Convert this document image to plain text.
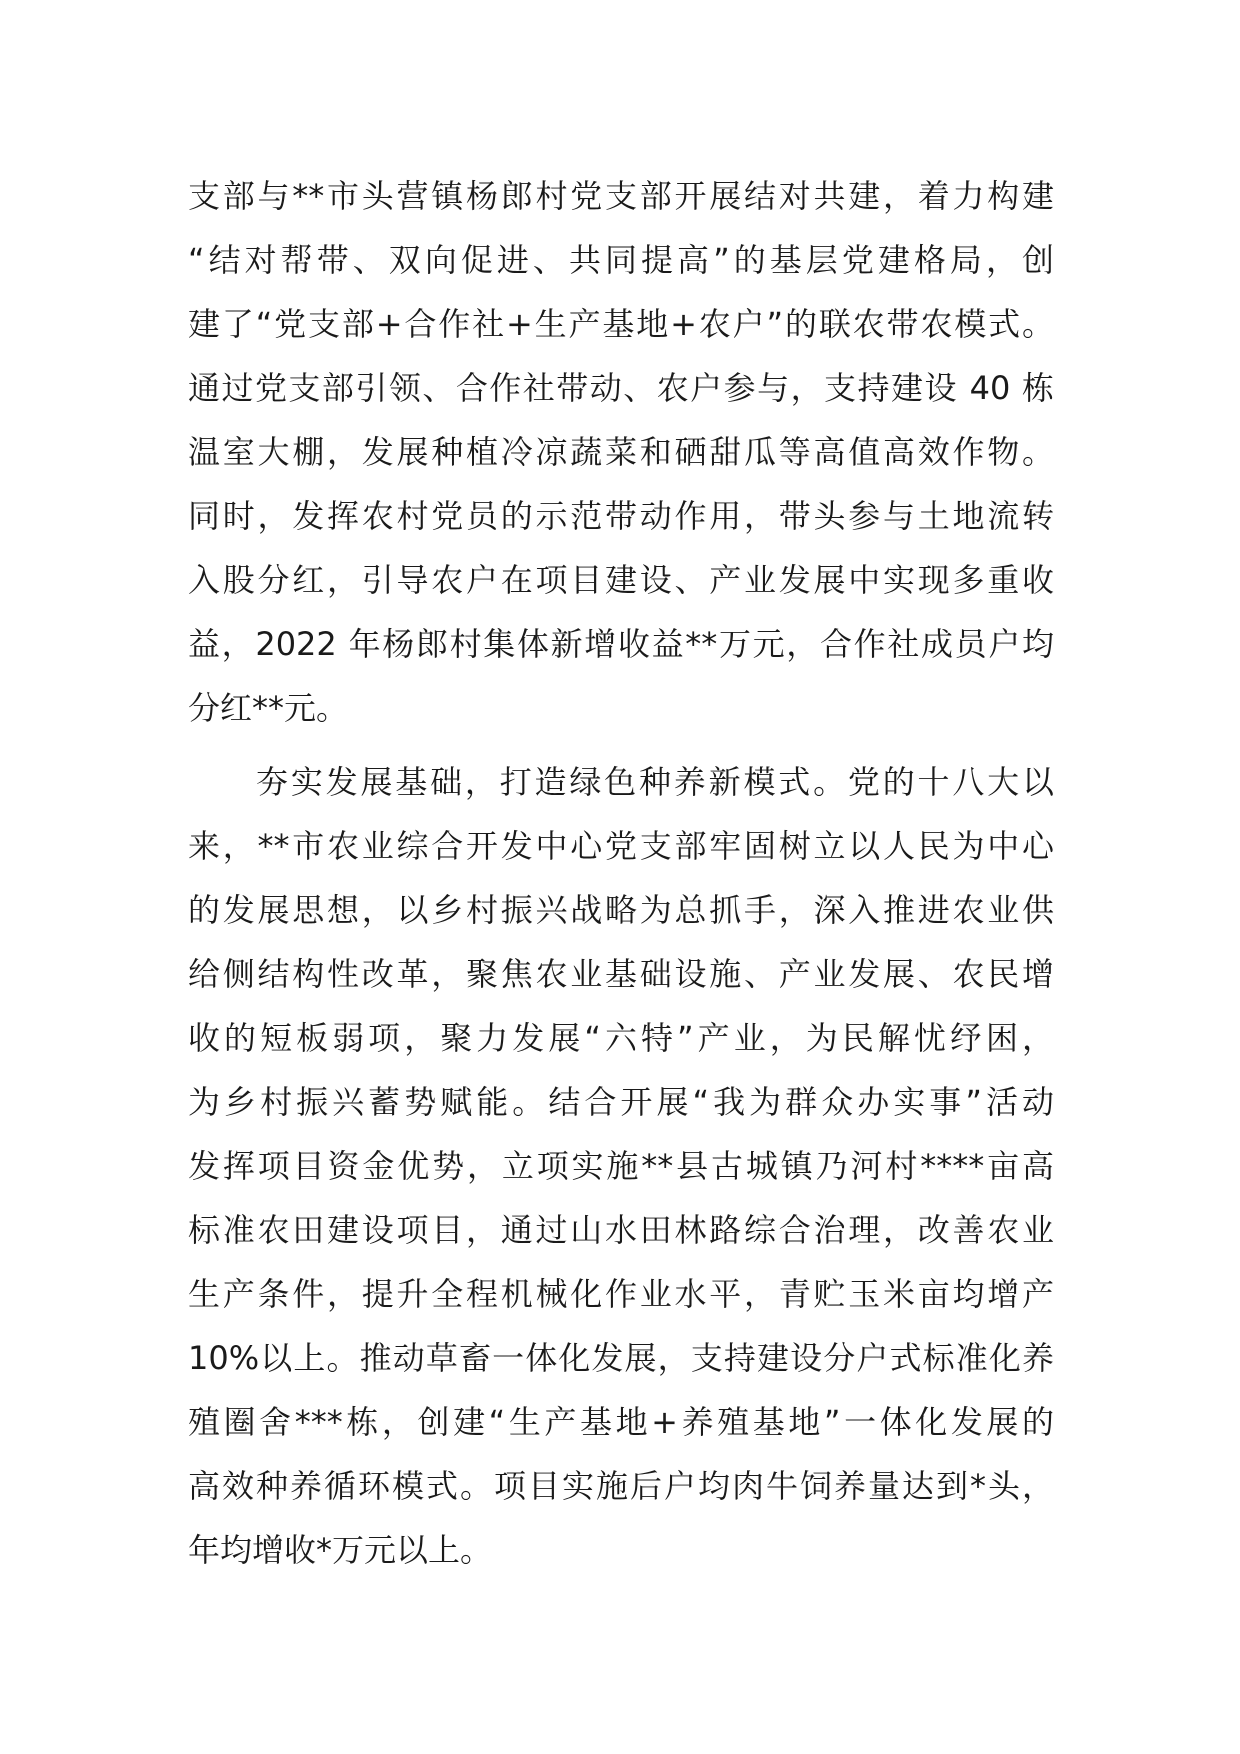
支部与**市头营镇杨郎村党支部开展结对共建，着力构建
“结对帮带、双向促进、共同提高”的基层党建格局，创
建了“党支部+合作社+生产基地+农户”的联农带农模式。
通过党支部引领、合作社带动、农户参与，支持建设 40 栋
温室大棚，发展种植冷凉蔬菜和硒甜瓜等高值高效作物。
同时，发挥农村党员的示范带动作用，带头参与土地流转
入股分红，引导农户在项目建设、产业发展中实现多重收
益，2022 年杨郎村集体新增收益**万元，合作社成员户均
分红**元。
夯实发展基础，打造绿色种养新模式。党的十八大以
来，**市农业综合开发中心党支部牢固树立以人民为中心
的发展思想，以乡村振兴战略为总抓手，深入推进农业供
给侧结构性改革，聚焦农业基础设施、产业发展、农民增
收的短板弱项，聚力发展“六特”产业，为民解忧纾困，
为乡村振兴蓄势赋能。结合开展“我为群众办实事”活动
发挥项目资金优势，立项实施**县古城镇乃河村****亩高
标准农田建设项目，通过山水田林路综合治理，改善农业
生产条件，提升全程机械化作业水平，青贮玉米亩均增产
10%以上。推动草畜一体化发展，支持建设分户式标准化养
殖圈舍***栋，创建“生产基地+养殖基地”一体化发展的
高效种养循环模式。项目实施后户均肉牛饲养量达到*头，
年均增收*万元以上。
